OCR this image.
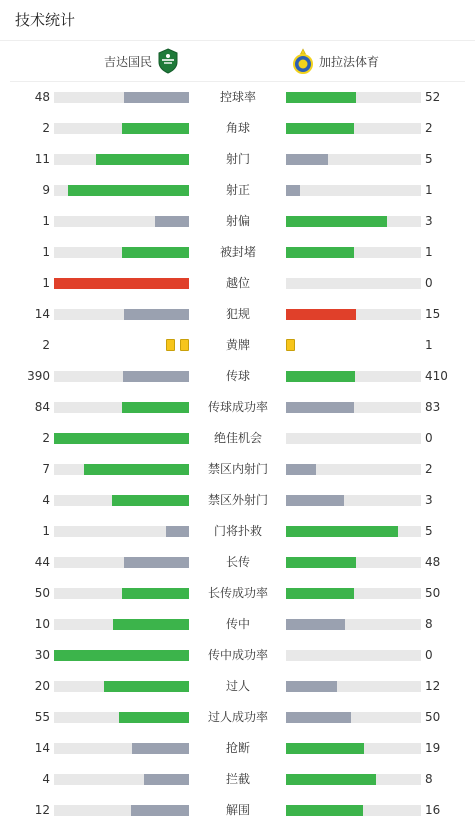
技术统计
吉达国民	加拉法体育
48	控球率	52
2	角球	2
11	射门	5
9	射正	1
1	射偏	3
1	被封堵	1
1	越位	0
14	犯规	15
2	黄牌	1
390	传球	410
84	传球成功率	83
2	绝佳机会	0
7	禁区内射门	2
4	禁区外射门	3
1	门将扑救	5
44	长传	48
50	长传成功率	50
10	传中	8
30	传中成功率	0
20	过人	12
55	过人成功率	50
14	抢断	19
4	拦截	8
12	解围	16
